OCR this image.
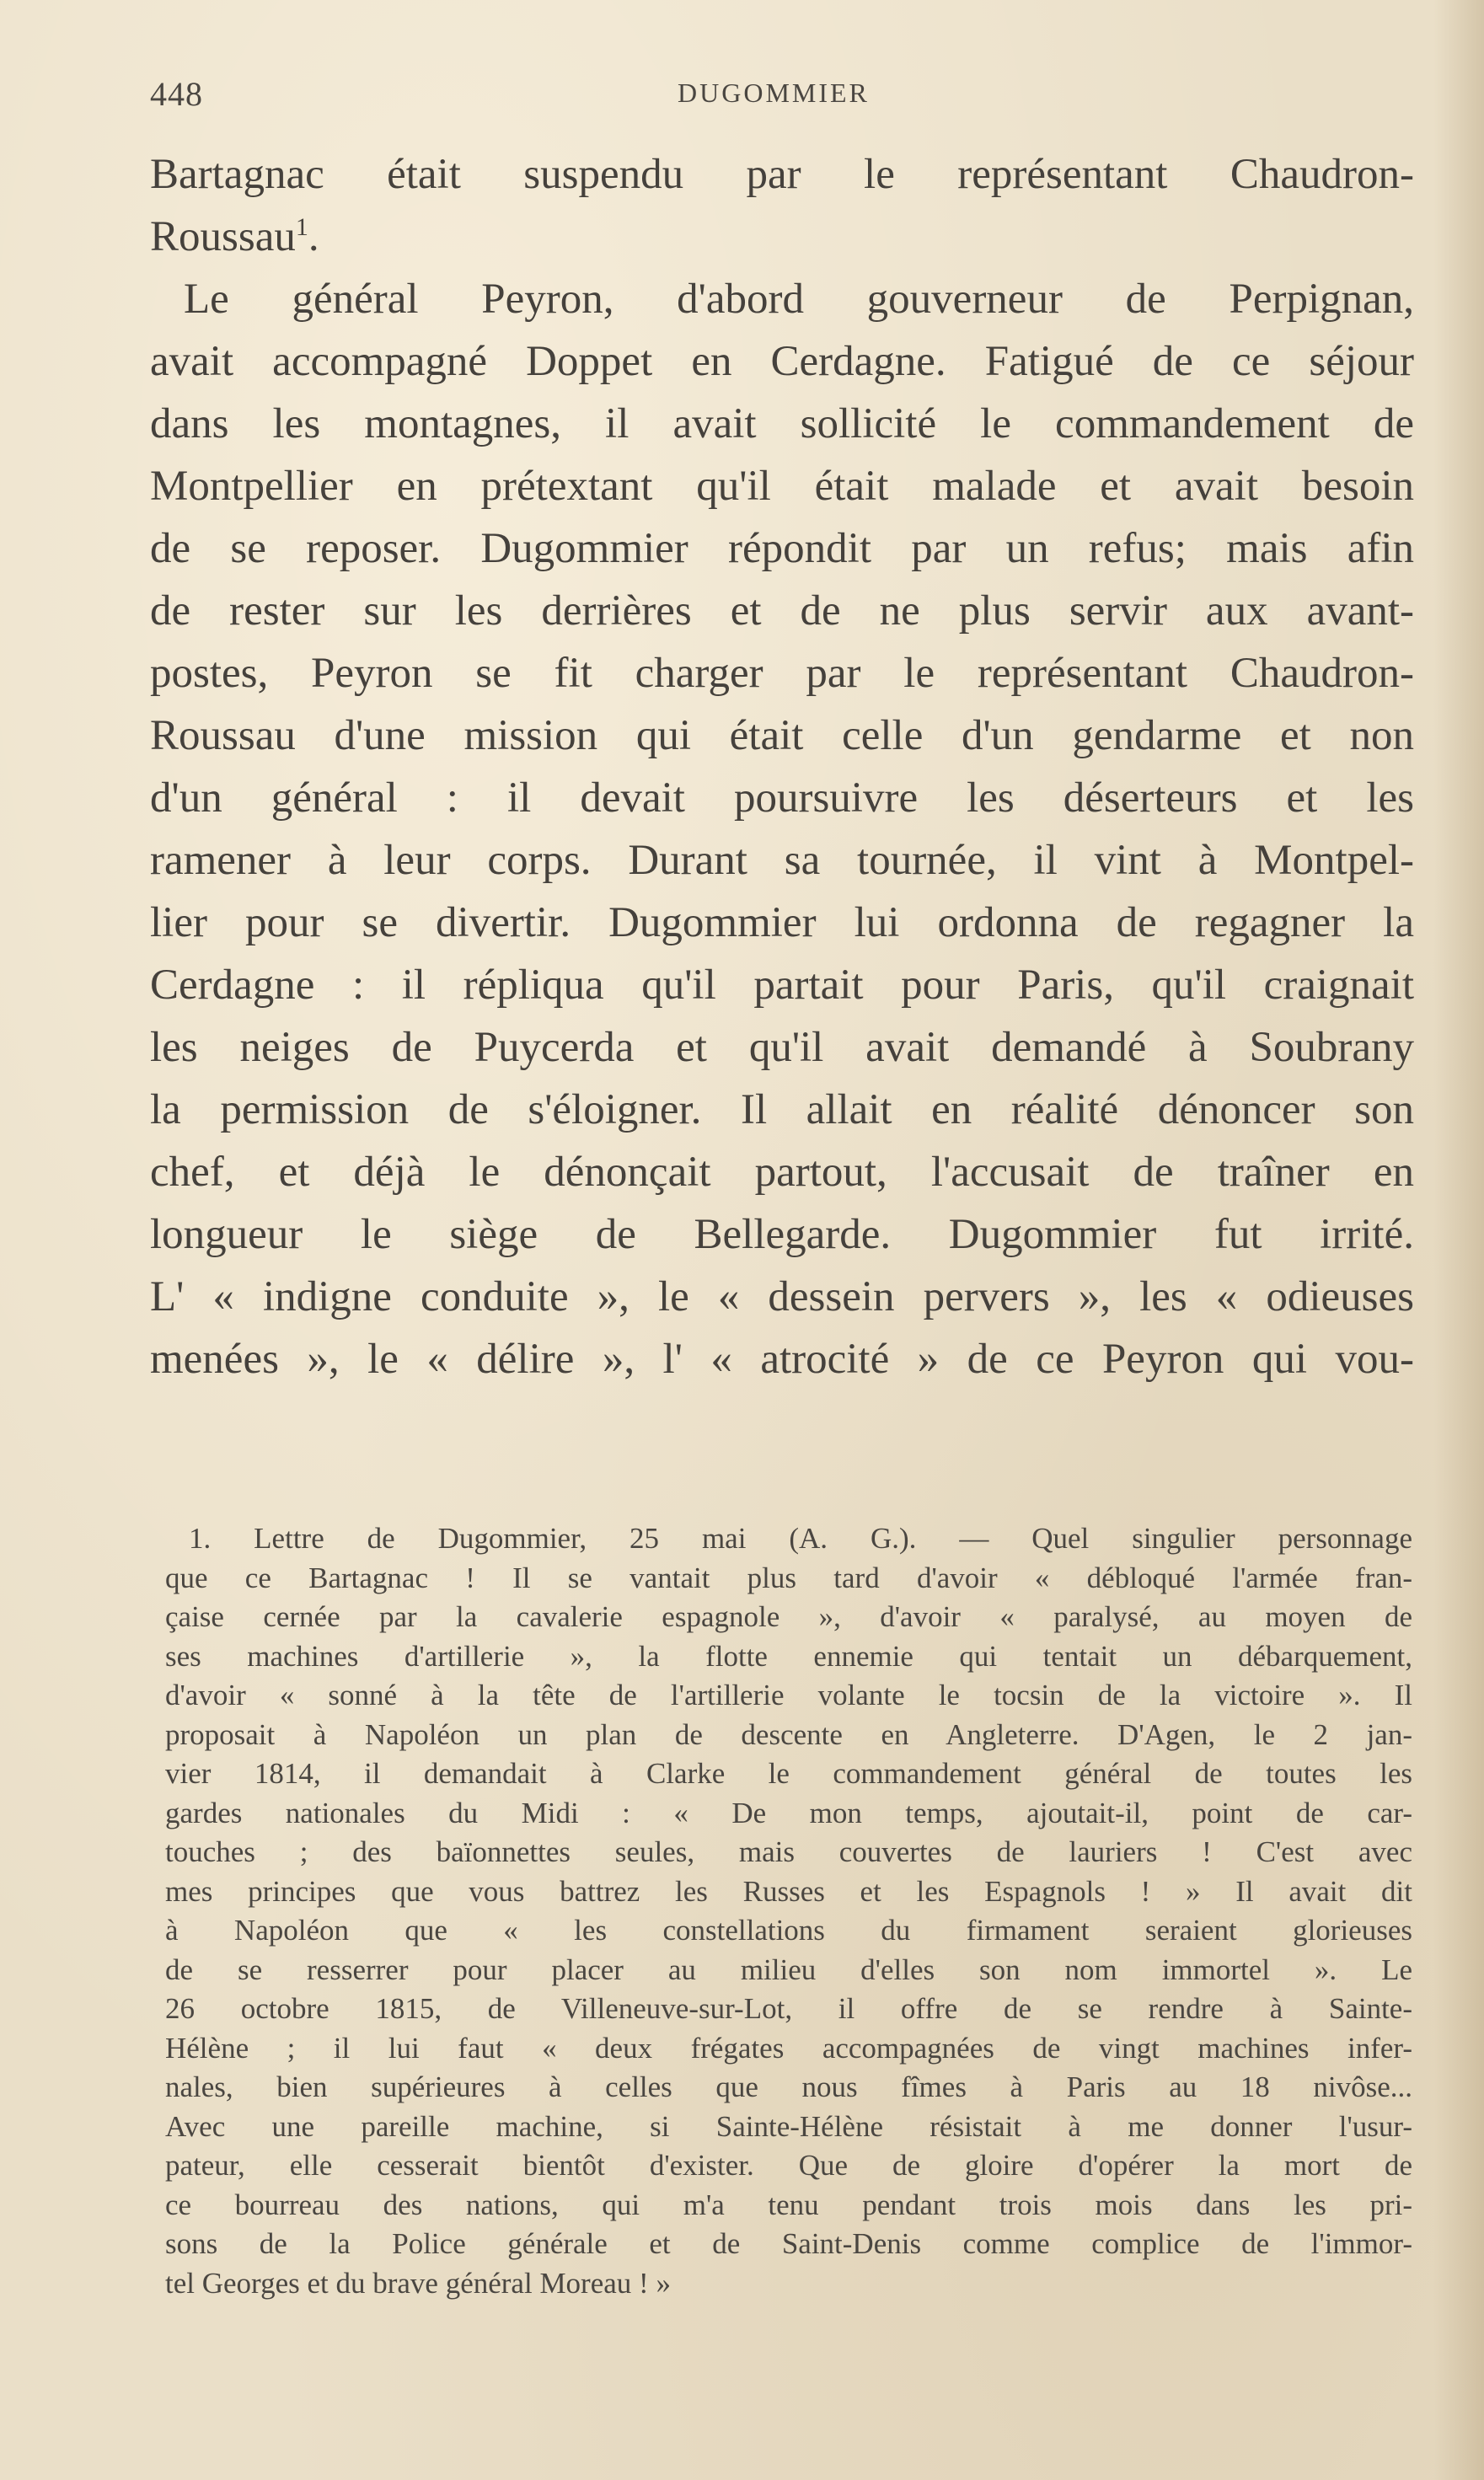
448	DUGOMMIER
Bartagnac était suspendu par le représentant Chaudron-
Roussau$^1$.
Le général Peyron, d'abord gouverneur de Perpignan,
avait accompagné Doppet en Cerdagne. Fatigué de ce séjour
dans les montagnes, il avait sollicité le commandement de
Montpellier en prétextant qu'il était malade et avait besoin
de se reposer. Dugommier répondit par un refus; mais afin
de rester sur les derrières et de ne plus servir aux avant-
postes, Peyron se fit charger par le représentant Chaudron-
Roussau d'une mission qui était celle d'un gendarme et non
d'un général : il devait poursuivre les déserteurs et les
ramener à leur corps. Durant sa tournée, il vint à Montpel-
lier pour se divertir. Dugommier lui ordonna de regagner la
Cerdagne : il répliqua qu'il partait pour Paris, qu'il craignait
les neiges de Puycerda et qu'il avait demandé à Soubrany
la permission de s'éloigner. Il allait en réalité dénoncer son
chef, et déjà le dénonçait partout, l'accusait de traîner en
longueur le siège de Bellegarde. Dugommier fut irrité.
L' « indigne conduite », le « dessein pervers », les « odieuses
menées », le « délire », l' « atrocité » de ce Peyron qui vou-
1. Lettre de Dugommier, 25 mai (A. G.). — Quel singulier personnage
que ce Bartagnac ! Il se vantait plus tard d'avoir « débloqué l'armée fran-
çaise cernée par la cavalerie espagnole », d'avoir « paralysé, au moyen de
ses machines d'artillerie », la flotte ennemie qui tentait un débarquement,
d'avoir « sonné à la tête de l'artillerie volante le tocsin de la victoire ». Il
proposait à Napoléon un plan de descente en Angleterre. D'Agen, le 2 jan-
vier 1814, il demandait à Clarke le commandement général de toutes les
gardes nationales du Midi : « De mon temps, ajoutait-il, point de car-
touches ; des baïonnettes seules, mais couvertes de lauriers ! C'est avec
mes principes que vous battrez les Russes et les Espagnols ! » Il avait dit
à Napoléon que « les constellations du firmament seraient glorieuses
de se resserrer pour placer au milieu d'elles son nom immortel ». Le
26 octobre 1815, de Villeneuve-sur-Lot, il offre de se rendre à Sainte-
Hélène ; il lui faut « deux frégates accompagnées de vingt machines infer-
nales, bien supérieures à celles que nous fîmes à Paris au 18 nivôse...
Avec une pareille machine, si Sainte-Hélène résistait à me donner l'usur-
pateur, elle cesserait bientôt d'exister. Que de gloire d'opérer la mort de
ce bourreau des nations, qui m'a tenu pendant trois mois dans les pri-
sons de la Police générale et de Saint-Denis comme complice de l'immor-
tel Georges et du brave général Moreau ! »
